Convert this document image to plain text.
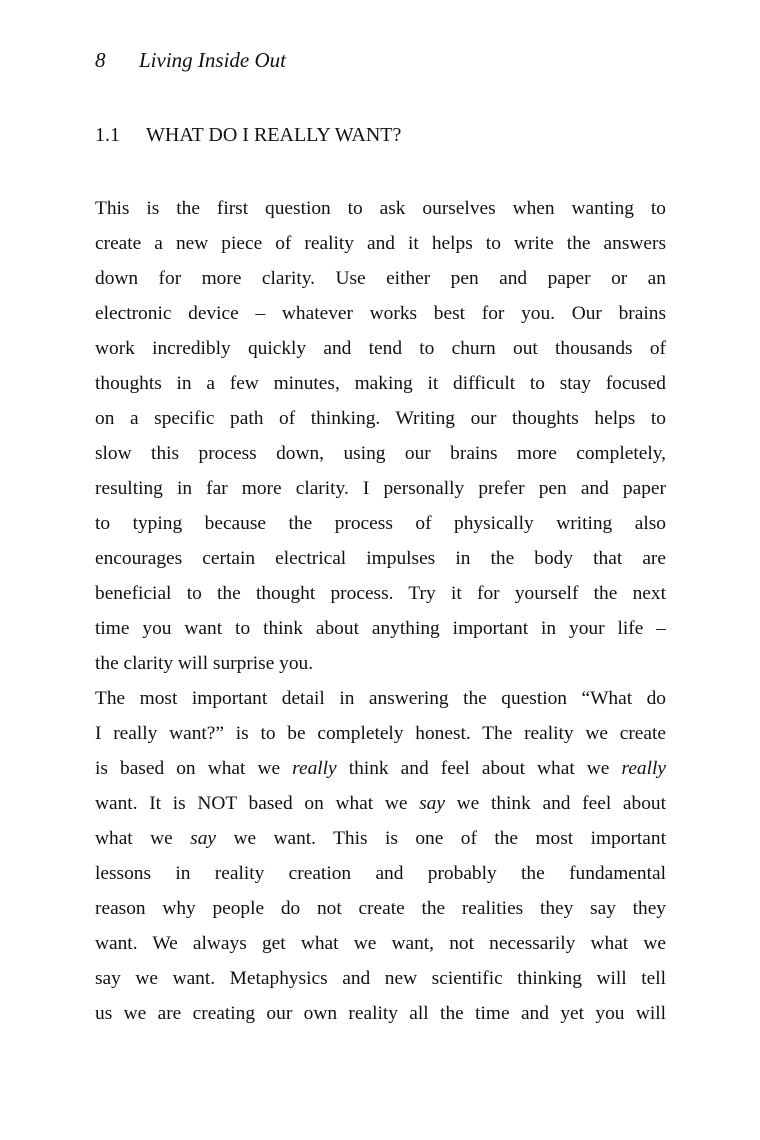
8 Living Inside Out
1.1 WHAT DO I REALLY WANT?
This is the first question to ask ourselves when wanting to
create a new piece of reality and it helps to write the answers
down for more clarity. Use either pen and paper or an
electronic device – whatever works best for you. Our brains
work incredibly quickly and tend to churn out thousands of
thoughts in a few minutes, making it difficult to stay focused
on a specific path of thinking. Writing our thoughts helps to
slow this process down, using our brains more completely,
resulting in far more clarity. I personally prefer pen and paper
to typing because the process of physically writing also
encourages certain electrical impulses in the body that are
beneficial to the thought process. Try it for yourself the next
time you want to think about anything important in your life –
the clarity will surprise you.
The most important detail in answering the question “What do
I really want?” is to be completely honest. The reality we create
is based on what we really think and feel about what we really
want. It is NOT based on what we say we think and feel about
what we say we want. This is one of the most important
lessons in reality creation and probably the fundamental
reason why people do not create the realities they say they
want. We always get what we want, not necessarily what we
say we want. Metaphysics and new scientific thinking will tell
us we are creating our own reality all the time and yet you will
